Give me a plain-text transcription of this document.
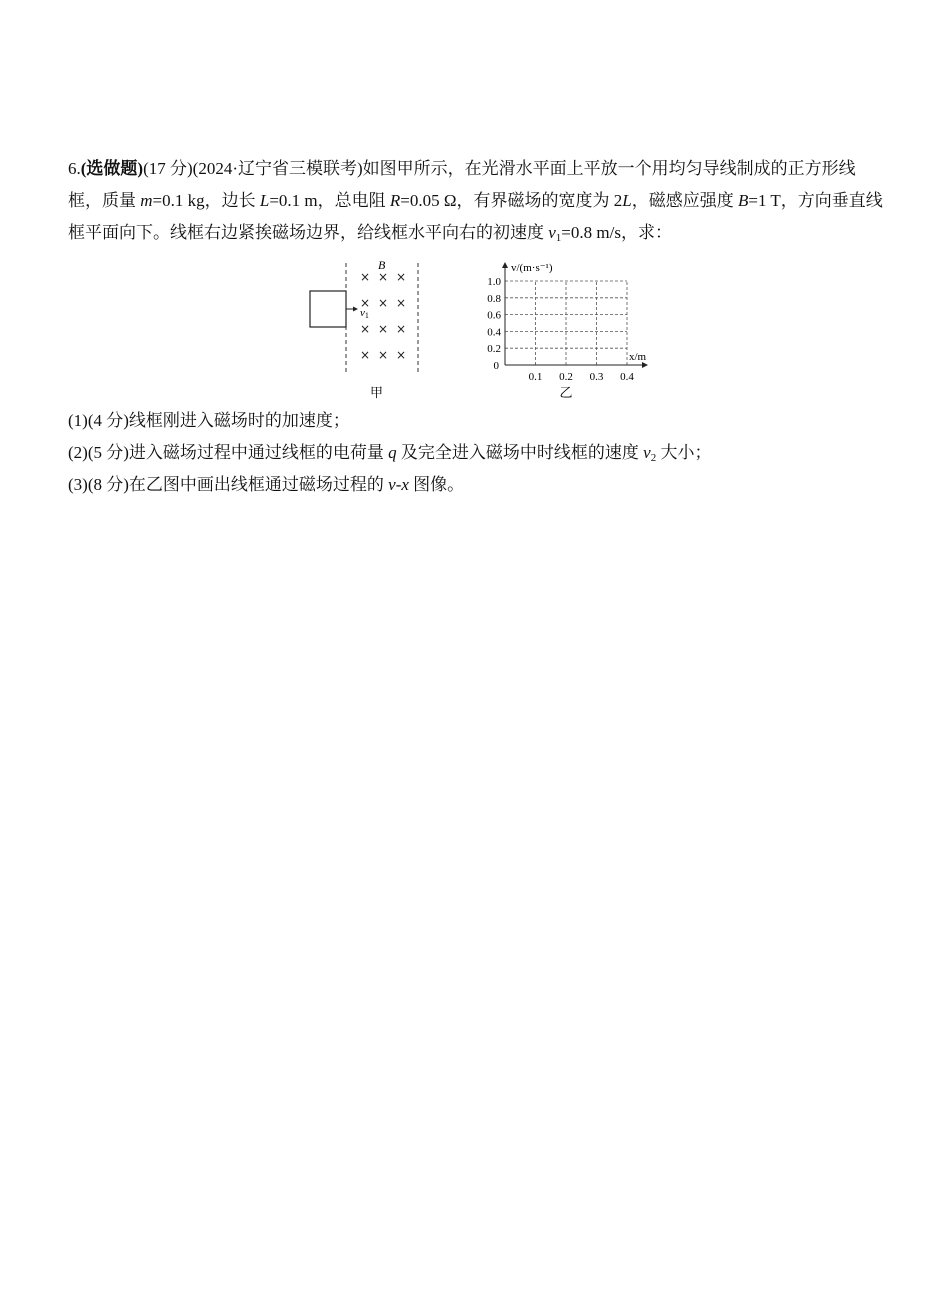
6.(选做题)(17 分)(2024·辽宁省三模联考)如图甲所示，在光滑水平面上平放一个用均匀导线制成的正方形线框，质量 m=0.1 kg，边长 L=0.1 m，总电阻 R=0.05 Ω，有界磁场的宽度为 2L，磁感应强度 B=1 T，方向垂直线框平面向下。线框右边紧挨磁场边界，给线框水平向右的初速度 $v_1=0.8$ m/s，求：

B
× × ×
× × ×
× × ×
× × ×
v1
甲
0.2
0.4
0.6
0.8
1.0
0.1 0.2 0.3 0.4
0
v/(m·s⁻¹)
x/m
乙

(1)(4 分)线框刚进入磁场时的加速度；

(2)(5 分)进入磁场过程中通过线框的电荷量 q 及完全进入磁场中时线框的速度 $v_2$ 大小；

(3)(8 分)在乙图中画出线框通过磁场过程的 v-x 图像。
